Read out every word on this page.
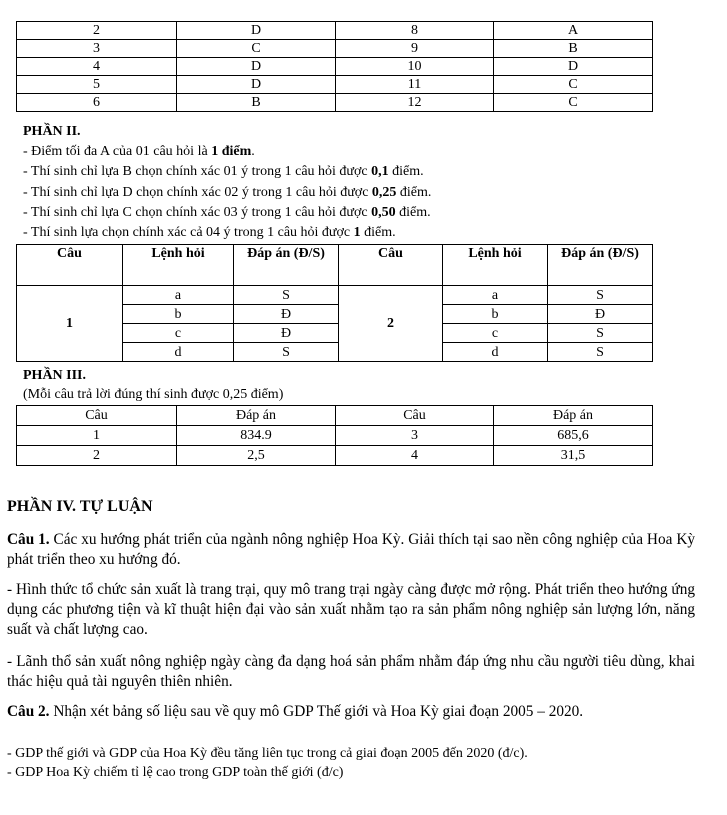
2	D	8	A
3	C	9	B
4	D	10	D
5	D	11	C
6	B	12	C
PHẦN II.
- Điểm tối đa A của 01 câu hỏi là 1 điểm.
- Thí sinh chỉ lựa B chọn chính xác 01 ý trong 1 câu hỏi được 0,1 điểm.
- Thí sinh chỉ lựa D chọn chính xác 02 ý trong 1 câu hỏi được 0,25 điểm.
- Thí sinh chỉ lựa C chọn chính xác 03 ý trong 1 câu hỏi được 0,50 điểm.
- Thí sinh lựa chọn chính xác cả 04 ý trong 1 câu hỏi được 1 điểm.
Câu	Lệnh hỏi	Đáp án (Đ/S)	Câu	Lệnh hỏi	Đáp án (Đ/S)
1	a	S	2	a	S
	b	Đ		b	Đ
	c	Đ		c	S
	d	S		d	S
PHẦN III.
(Mỗi câu trả lời đúng thí sinh được 0,25 điểm)
Câu	Đáp án	Câu	Đáp án
1	834.9	3	685,6
2	2,5	4	31,5
PHẦN IV. TỰ LUẬN
Câu 1. Các xu hướng phát triển của ngành nông nghiệp Hoa Kỳ. Giải thích tại sao nền công nghiệp của Hoa Kỳ phát triển theo xu hướng đó.
- Hình thức tổ chức sản xuất là trang trại, quy mô trang trại ngày càng được mở rộng. Phát triển theo hướng ứng dụng các phương tiện và kĩ thuật hiện đại vào sản xuất nhằm tạo ra sản phẩm nông nghiệp sản lượng lớn, năng suất và chất lượng cao.
- Lãnh thổ sản xuất nông nghiệp ngày càng đa dạng hoá sản phẩm nhằm đáp ứng nhu cầu người tiêu dùng, khai thác hiệu quả tài nguyên thiên nhiên.
Câu 2. Nhận xét bảng số liệu sau về quy mô GDP Thế giới và Hoa Kỳ giai đoạn 2005 – 2020.
- GDP thế giới và GDP của Hoa Kỳ đều tăng liên tục trong cả giai đoạn 2005 đến 2020 (đ/c).
- GDP Hoa Kỳ chiếm tỉ lệ cao trong GDP toàn thế giới (đ/c)
